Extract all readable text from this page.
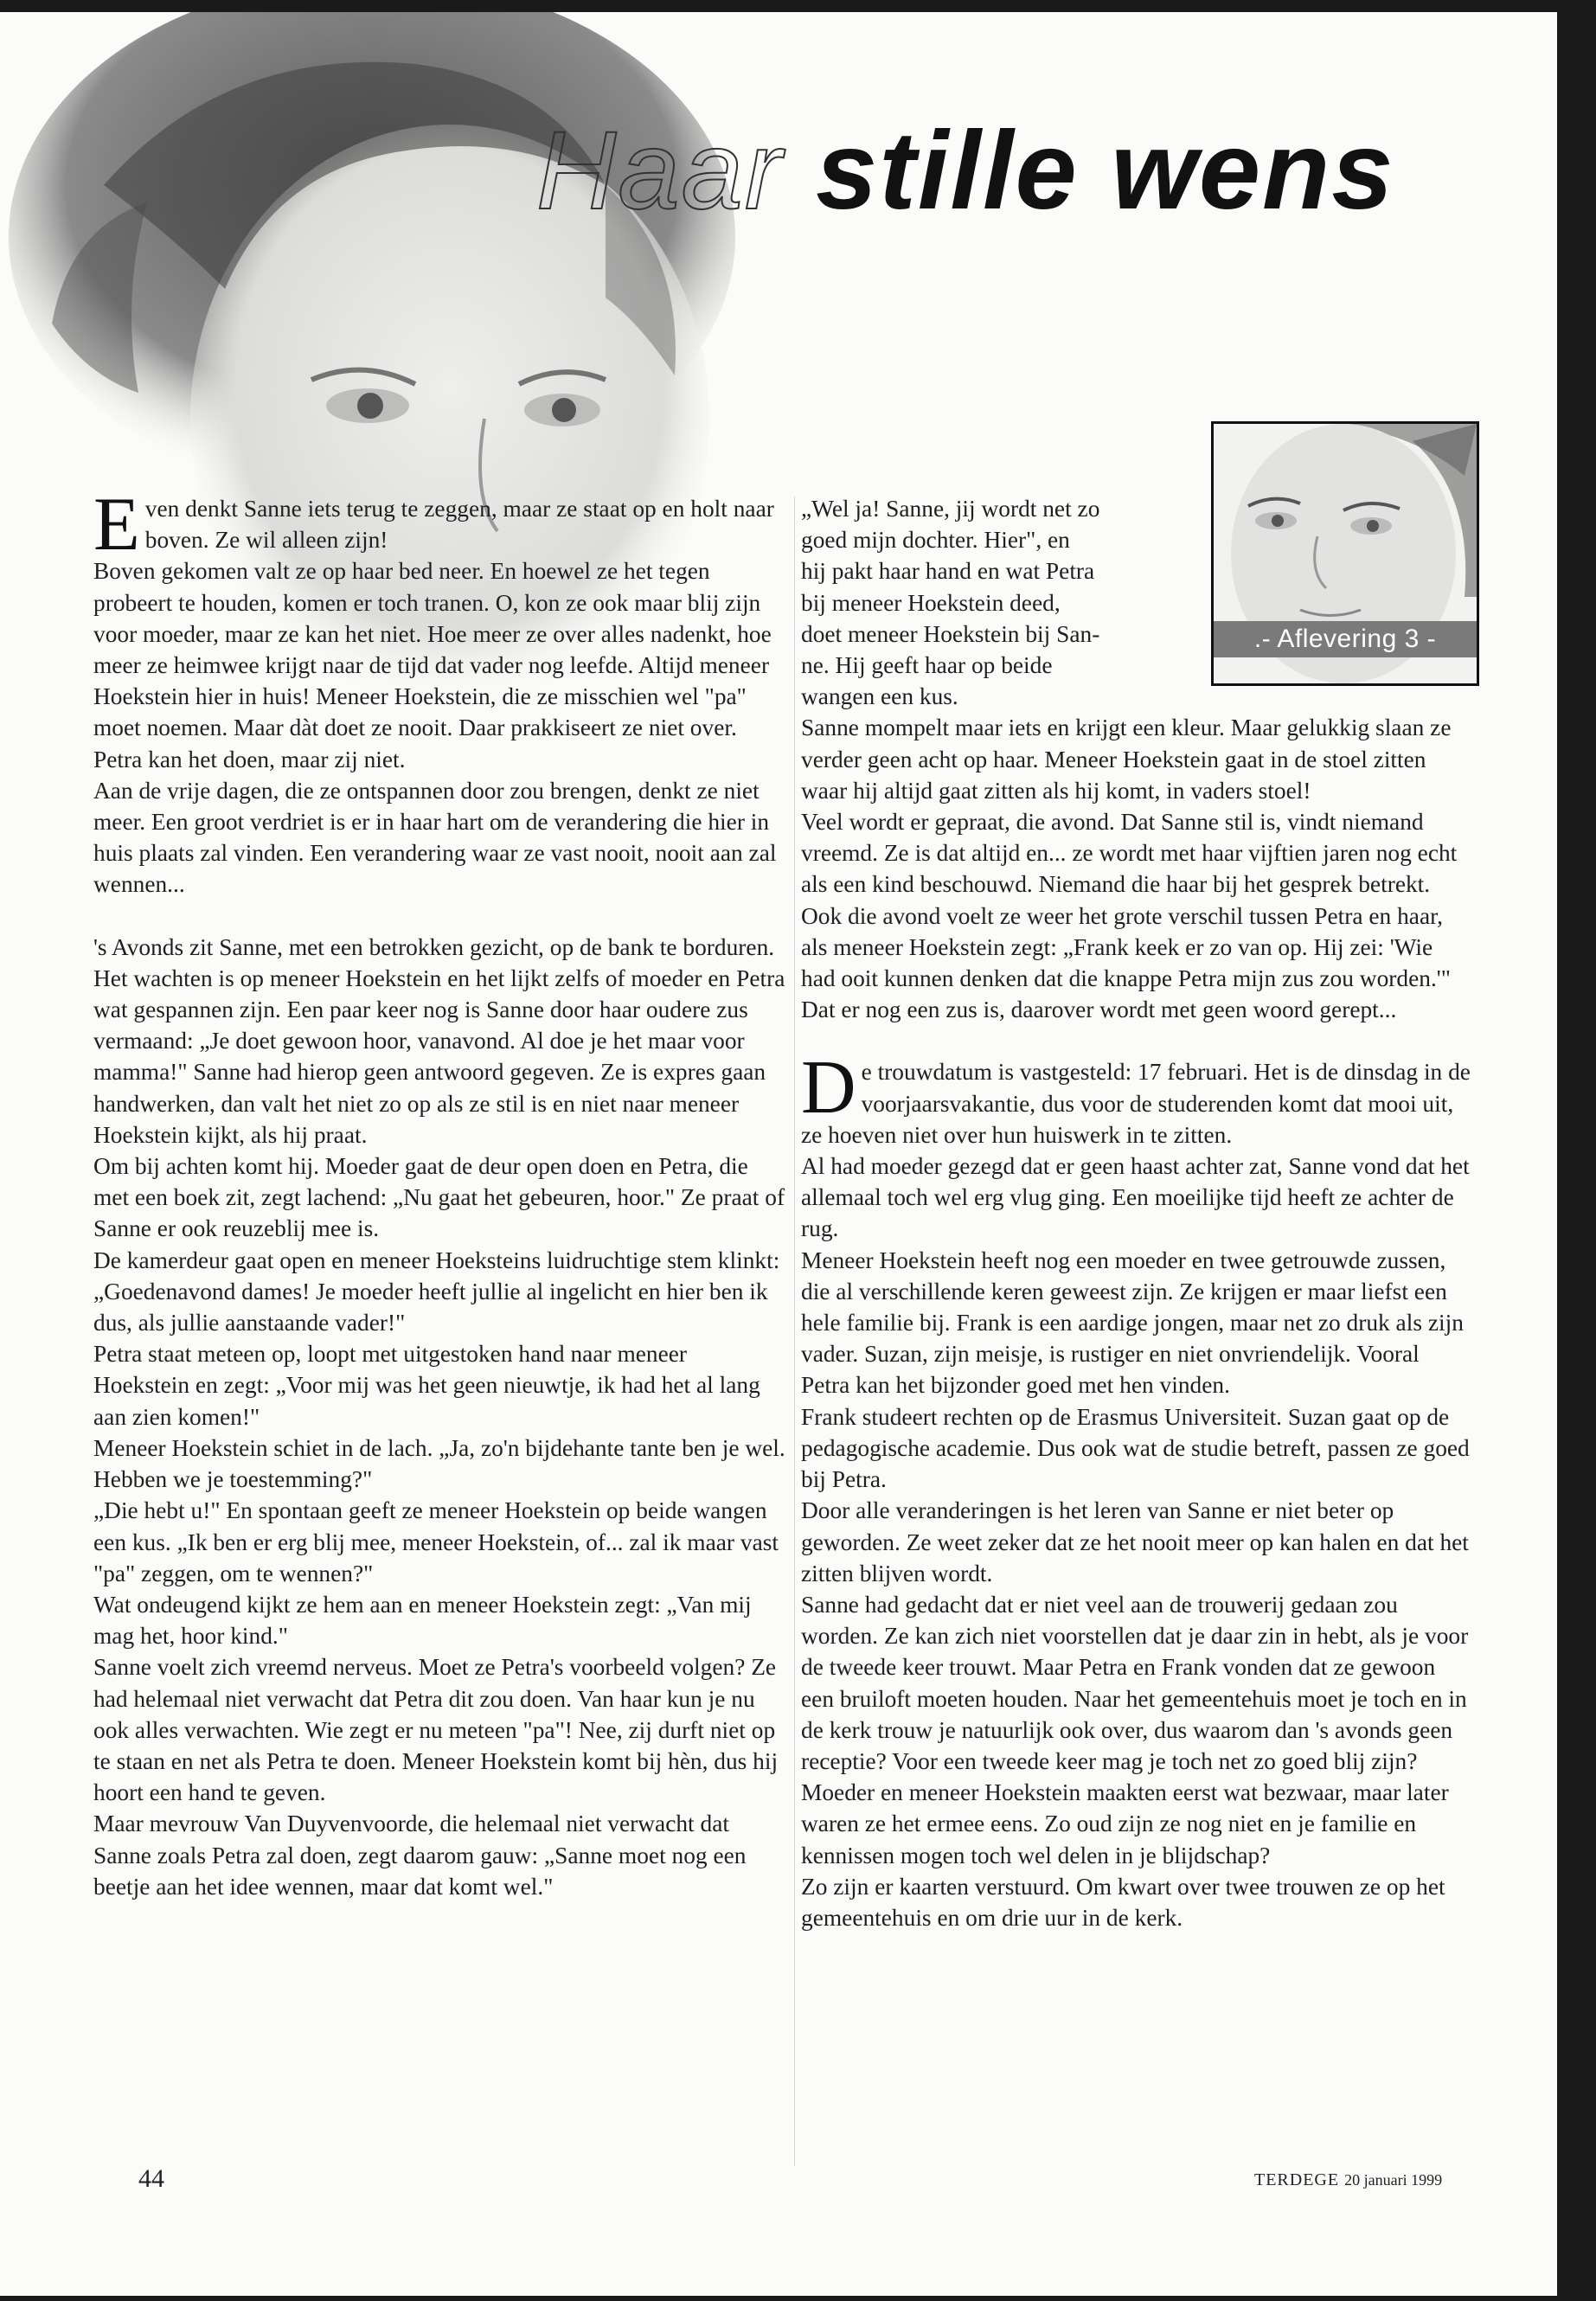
Haar stille wens
.- Aflevering 3 -

Even denkt Sanne iets terug te zeggen, maar ze staat op en holt naar boven. Ze wil alleen zijn!

Boven gekomen valt ze op haar bed neer. En hoewel ze het tegen probeert te houden, komen er toch tranen. O, kon ze ook maar blij zijn voor moeder, maar ze kan het niet. Hoe meer ze over alles nadenkt, hoe meer ze heimwee krijgt naar de tijd dat vader nog leefde. Altijd meneer Hoekstein hier in huis! Meneer Hoekstein, die ze misschien wel "pa" moet noemen. Maar dàt doet ze nooit. Daar prakkiseert ze niet over. Petra kan het doen, maar zij niet.

Aan de vrije dagen, die ze ontspannen door zou brengen, denkt ze niet meer. Een groot verdriet is er in haar hart om de verandering die hier in huis plaats zal vinden. Een verandering waar ze vast nooit, nooit aan zal wennen...

's Avonds zit Sanne, met een betrokken gezicht, op de bank te borduren. Het wachten is op meneer Hoekstein en het lijkt zelfs of moeder en Petra wat gespannen zijn. Een paar keer nog is Sanne door haar oudere zus vermaand: „Je doet gewoon hoor, vanavond. Al doe je het maar voor mamma!" Sanne had hierop geen antwoord gegeven. Ze is expres gaan handwerken, dan valt het niet zo op als ze stil is en niet naar meneer Hoekstein kijkt, als hij praat.

Om bij achten komt hij. Moeder gaat de deur open doen en Petra, die met een boek zit, zegt lachend: „Nu gaat het gebeuren, hoor." Ze praat of Sanne er ook reuzeblij mee is.

De kamerdeur gaat open en meneer Hoeksteins luidruchtige stem klinkt: „Goedenavond dames! Je moeder heeft jullie al ingelicht en hier ben ik dus, als jullie aanstaande vader!"

Petra staat meteen op, loopt met uitgestoken hand naar meneer Hoekstein en zegt: „Voor mij was het geen nieuwtje, ik had het al lang aan zien komen!"

Meneer Hoekstein schiet in de lach. „Ja, zo'n bijdehante tante ben je wel. Hebben we je toestemming?"

„Die hebt u!" En spontaan geeft ze meneer Hoekstein op beide wangen een kus. „Ik ben er erg blij mee, meneer Hoekstein, of... zal ik maar vast "pa" zeggen, om te wennen?"

Wat ondeugend kijkt ze hem aan en meneer Hoekstein zegt: „Van mij mag het, hoor kind."

Sanne voelt zich vreemd nerveus. Moet ze Petra's voorbeeld volgen? Ze had helemaal niet verwacht dat Petra dit zou doen. Van haar kun je nu ook alles verwachten. Wie zegt er nu meteen "pa"! Nee, zij durft niet op te staan en net als Petra te doen. Meneer Hoekstein komt bij hèn, dus hij hoort een hand te geven.

Maar mevrouw Van Duyvenvoorde, die helemaal niet verwacht dat Sanne zoals Petra zal doen, zegt daarom gauw: „Sanne moet nog een beetje aan het idee wennen, maar dat komt wel."

„Wel ja! Sanne, jij wordt net zo

goed mijn dochter. Hier", en

hij pakt haar hand en wat Petra

bij meneer Hoekstein deed,

doet meneer Hoekstein bij San-

ne. Hij geeft haar op beide

wangen een kus.

Sanne mompelt maar iets en krijgt een kleur. Maar gelukkig slaan ze verder geen acht op haar. Meneer Hoekstein gaat in de stoel zitten waar hij altijd gaat zitten als hij komt, in vaders stoel!

Veel wordt er gepraat, die avond. Dat Sanne stil is, vindt niemand vreemd. Ze is dat altijd en... ze wordt met haar vijftien jaren nog echt als een kind beschouwd. Niemand die haar bij het gesprek betrekt. Ook die avond voelt ze weer het grote verschil tussen Petra en haar, als meneer Hoekstein zegt: „Frank keek er zo van op. Hij zei: 'Wie had ooit kunnen denken dat die knappe Petra mijn zus zou worden.'" Dat er nog een zus is, daarover wordt met geen woord gerept...

De trouwdatum is vastgesteld: 17 februari. Het is de dinsdag in de voorjaarsvakantie, dus voor de studerenden komt dat mooi uit, ze hoeven niet over hun huiswerk in te zitten.

Al had moeder gezegd dat er geen haast achter zat, Sanne vond dat het allemaal toch wel erg vlug ging. Een moeilijke tijd heeft ze achter de rug.

Meneer Hoekstein heeft nog een moeder en twee getrouwde zussen, die al verschillende keren geweest zijn. Ze krijgen er maar liefst een hele familie bij. Frank is een aardige jongen, maar net zo druk als zijn vader. Suzan, zijn meisje, is rustiger en niet onvriendelijk. Vooral Petra kan het bijzonder goed met hen vinden.

Frank studeert rechten op de Erasmus Universiteit. Suzan gaat op de pedagogische academie. Dus ook wat de studie betreft, passen ze goed bij Petra.

Door alle veranderingen is het leren van Sanne er niet beter op geworden. Ze weet zeker dat ze het nooit meer op kan halen en dat het zitten blijven wordt.

Sanne had gedacht dat er niet veel aan de trouwerij gedaan zou worden. Ze kan zich niet voorstellen dat je daar zin in hebt, als je voor de tweede keer trouwt. Maar Petra en Frank vonden dat ze gewoon een bruiloft moeten houden. Naar het gemeentehuis moet je toch en in de kerk trouw je natuurlijk ook over, dus waarom dan 's avonds geen receptie? Voor een tweede keer mag je toch net zo goed blij zijn?

Moeder en meneer Hoekstein maakten eerst wat bezwaar, maar later waren ze het ermee eens. Zo oud zijn ze nog niet en je familie en kennissen mogen toch wel delen in je blijdschap?

Zo zijn er kaarten verstuurd. Om kwart over twee trouwen ze op het gemeentehuis en om drie uur in de kerk.

44	TERDEGE 20 januari 1999
